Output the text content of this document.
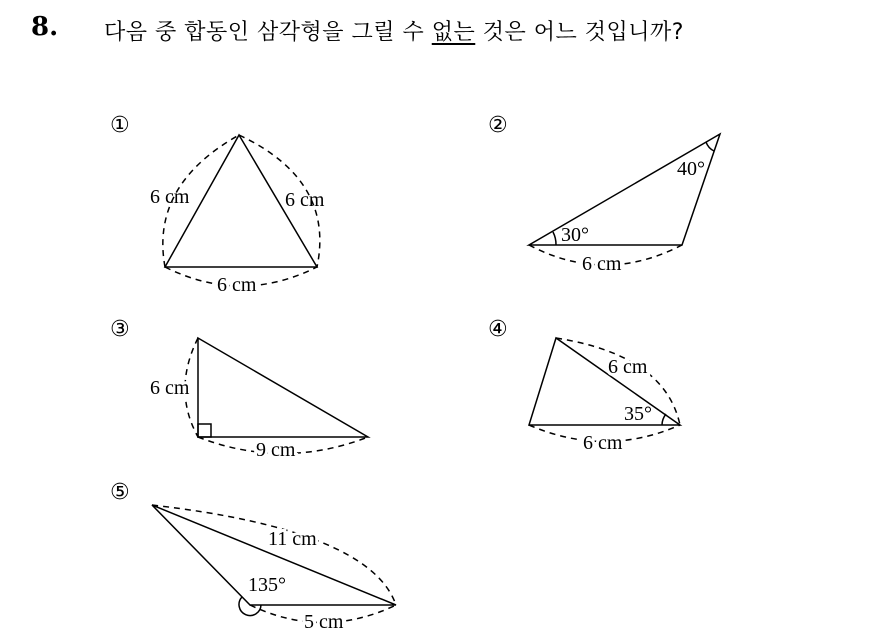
8. 다음 중 합동인 삼각형을 그릴 수 없는 것은 어느 것입니까?
①	②
③	④
⑤
6 cm	6 cm
6 cm
40°
30°
6 cm
6 cm
9 cm
6 cm
35°
6 cm
11 cm
135°
5 cm
